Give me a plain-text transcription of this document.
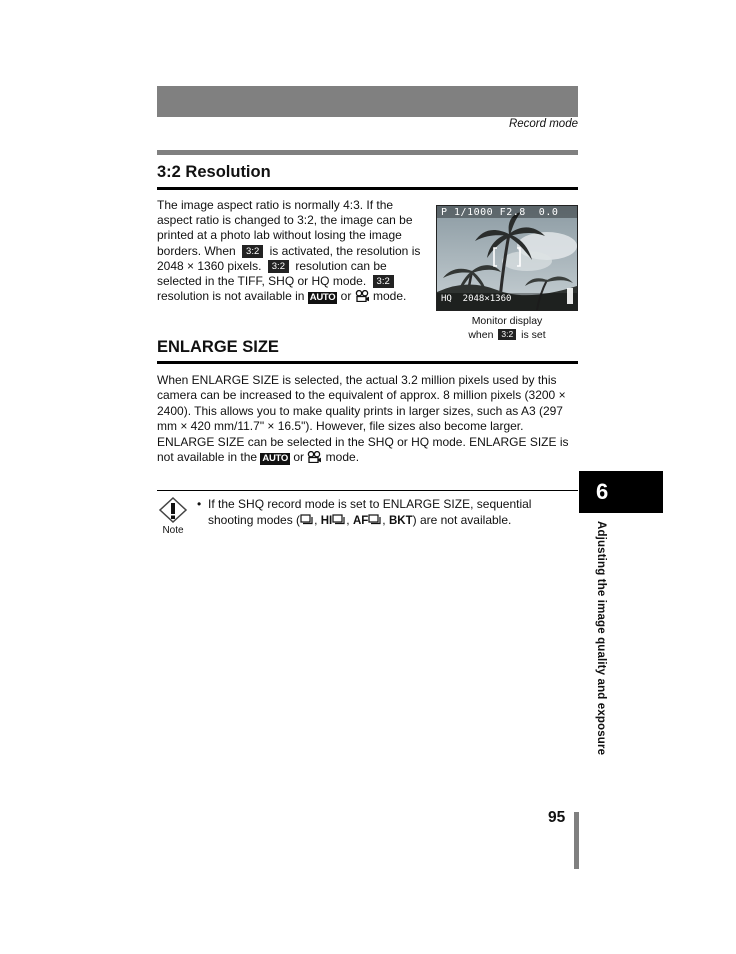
Record mode
3:2 Resolution
The image aspect ratio is normally 4:3. If the aspect ratio is changed to 3:2, the image can be printed at a photo lab without losing the image borders. When 3:2 is activated, the resolution is 2048 × 1360 pixels. 3:2 resolution can be selected in the TIFF, SHQ or HQ mode. 3:2 resolution is not available in AUTO or mode.
P 1/1000 F2.8  0.0
HQ  2048×1360
Monitor display
when 3:2 is set
ENLARGE SIZE
When ENLARGE SIZE is selected, the actual 3.2 million pixels used by this camera can be increased to the equivalent of approx. 8 million pixels (3200 × 2400). This allows you to make quality prints in larger sizes, such as A3 (297 mm × 420 mm/11.7" × 16.5"). However, file sizes also become larger. ENLARGE SIZE can be selected in the SHQ or HQ mode. ENLARGE SIZE is not available in the AUTO or mode.
Note
• If the SHQ record mode is set to ENLARGE SIZE, sequential shooting modes ( , HI , AF , BKT) are not available.
6
Adjusting the image quality and exposure
95
